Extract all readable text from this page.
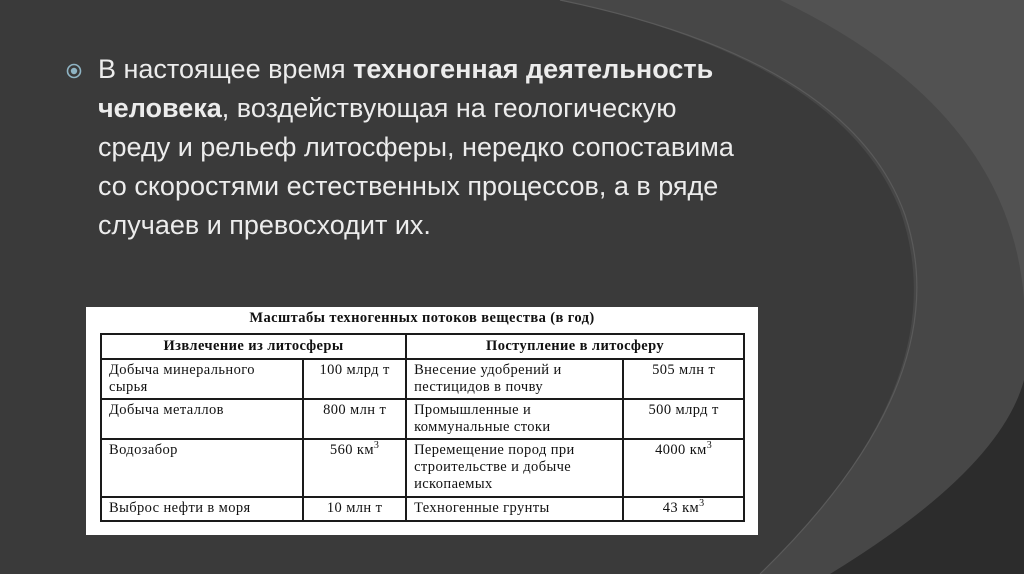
В настоящее время техногенная деятельность человека, воздействующая на геологическую среду и рельеф литосферы, нередко сопоставима со скоростями естественных процессов, а в ряде случаев и превосходит их.
Масштабы техногенных потоков вещества (в год)
Извлечение из литосферы		Поступление в литосферу	
Добыча минерального сырья	100 млрд т	Внесение удобрений и пестицидов в почву	505 млн т
Добыча металлов	800 млн т	Промышленные и коммунальные стоки	500 млрд т
Водозабор	560 $км^3$	Перемещение пород при строительстве и добыче ископаемых	4000 $км^3$
Выброс нефти в моря	10 млн т	Техногенные грунты	43 $км^3$
